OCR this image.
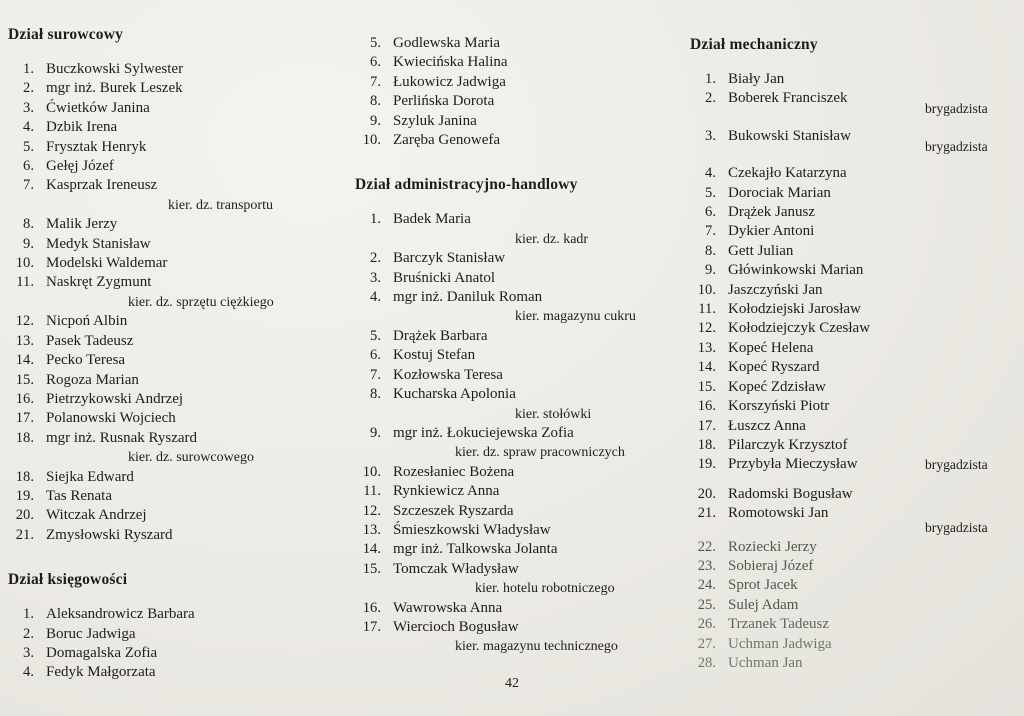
Dział surowcowy
1. Buczkowski Sylwester
2. mgr inż. Burek Leszek
3. Ćwietków Janina
4. Dzbik Irena
5. Frysztak Henryk
6. Gełęj Józef
7. Kasprzak Ireneusz
kier. dz. transportu
8. Malik Jerzy
9. Medyk Stanisław
10. Modelski Waldemar
11. Naskręt Zygmunt
kier. dz. sprzętu ciężkiego
12. Nicpoń Albin
13. Pasek Tadeusz
14. Pecko Teresa
15. Rogoza Marian
16. Pietrzykowski Andrzej
17. Polanowski Wojciech
18. mgr inż. Rusnak Ryszard
kier. dz. surowcowego
18. Siejka Edward
19. Tas Renata
20. Witczak Andrzej
21. Zmysłowski Ryszard
Dział księgowości
1. Aleksandrowicz Barbara
2. Boruc Jadwiga
3. Domagalska Zofia
4. Fedyk Małgorzata
5. Godlewska Maria
6. Kwiecińska Halina
7. Łukowicz Jadwiga
8. Perlińska Dorota
9. Szyluk Janina
10. Zaręba Genowefa
Dział administracyjno-handlowy
1. Badek Maria
kier. dz. kadr
2. Barczyk Stanisław
3. Bruśnicki Anatol
4. mgr inż. Daniluk Roman
kier. magazynu cukru
5. Drążek Barbara
6. Kostuj Stefan
7. Kozłowska Teresa
8. Kucharska Apolonia
kier. stołówki
9. mgr inż. Łokuciejewska Zofia
kier. dz. spraw pracowniczych
10. Rozesłaniec Bożena
11. Rynkiewicz Anna
12. Szczeszek Ryszarda
13. Śmieszkowski Władysław
14. mgr inż. Talkowska Jolanta
15. Tomczak Władysław
kier. hotelu robotniczego
16. Wawrowska Anna
17. Wiercioch Bogusław
kier. magazynu technicznego
Dział mechaniczny
1. Biały Jan
2. Boberek Franciszek
brygadzista
3. Bukowski Stanisław
brygadzista
4. Czekajło Katarzyna
5. Dorociak Marian
6. Drążek Janusz
7. Dykier Antoni
8. Gett Julian
9. Główinkowski Marian
10. Jaszczyński Jan
11. Kołodziejski Jarosław
12. Kołodziejczyk Czesław
13. Kopeć Helena
14. Kopeć Ryszard
15. Kopeć Zdzisław
16. Korszyński Piotr
17. Łuszcz Anna
18. Pilarczyk Krzysztof
19. Przybyła Mieczysław	brygadzista
20. Radomski Bogusław
21. Romotowski Jan
brygadzista
22. Roziecki Jerzy
23. Sobieraj Józef
24. Sprot Jacek
25. Sulej Adam
26. Trzanek Tadeusz
27. Uchman Jadwiga
28. Uchman Jan
42
